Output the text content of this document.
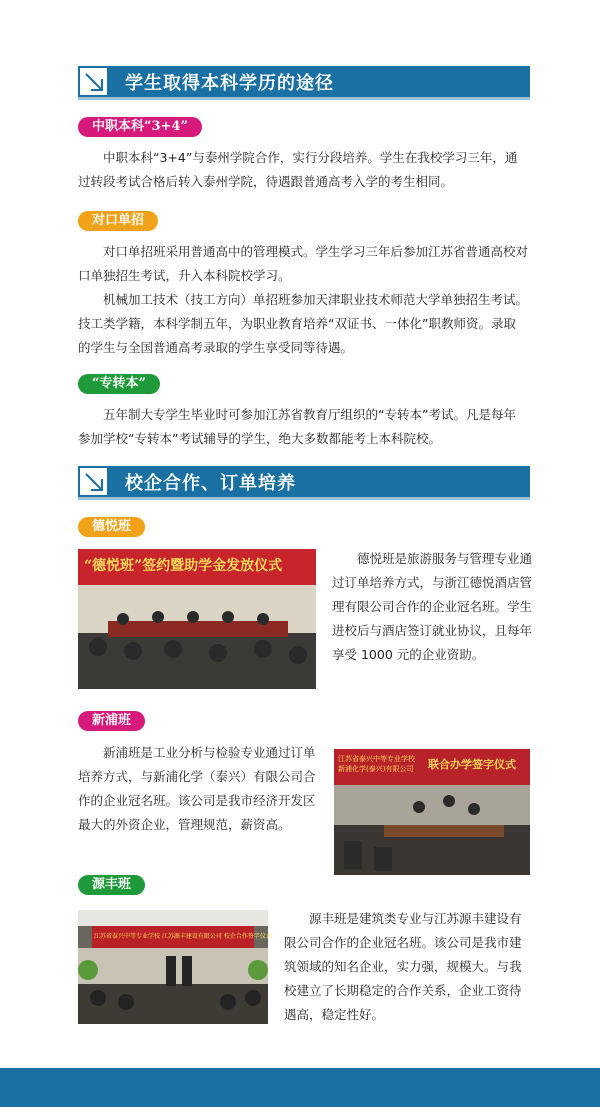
学生取得本科学历的途径
中职本科“3+4”

中职本科“3+4”与泰州学院合作，实行分段培养。学生在我校学习三年，通过转段考试合格后转入泰州学院，待遇跟普通高考入学的考生相同。

对口单招

对口单招班采用普通高中的管理模式。学生学习三年后参加江苏省普通高校对口单独招生考试，升入本科院校学习。

机械加工技术（技工方向）单招班参加天津职业技术师范大学单独招生考试。技工类学籍，本科学制五年，为职业教育培养“双证书、一体化”职教师资。录取的学生与全国普通高考录取的学生享受同等待遇。

“专转本”

五年制大专学生毕业时可参加江苏省教育厅组织的“专转本”考试。凡是每年参加学校“专转本”考试辅导的学生，绝大多数都能考上本科院校。

校企合作、订单培养
德悦班
“德悦班”签约暨助学金发放仪式	德悦班是旅游服务与管理专业通过订单培养方式，与浙江德悦酒店管理有限公司合作的企业冠名班。学生进校后与酒店签订就业协议，且每年享受 1000 元的企业资助。

新浦班

新浦班是工业分析与检验专业通过订单培养方式，与新浦化学（泰兴）有限公司合作的企业冠名班。该公司是我市经济开发区最大的外资企业，管理规范，薪资高。

江苏省泰兴中等专业学校
新浦化学(泰兴)有限公司	联合办学签字仪式
源丰班
江苏省泰兴中等专业学校 江苏源丰建设有限公司 校企合作签字仪式

源丰班是建筑类专业与江苏源丰建设有限公司合作的企业冠名班。该公司是我市建筑领域的知名企业，实力强，规模大。与我校建立了长期稳定的合作关系，企业工资待遇高，稳定性好。
